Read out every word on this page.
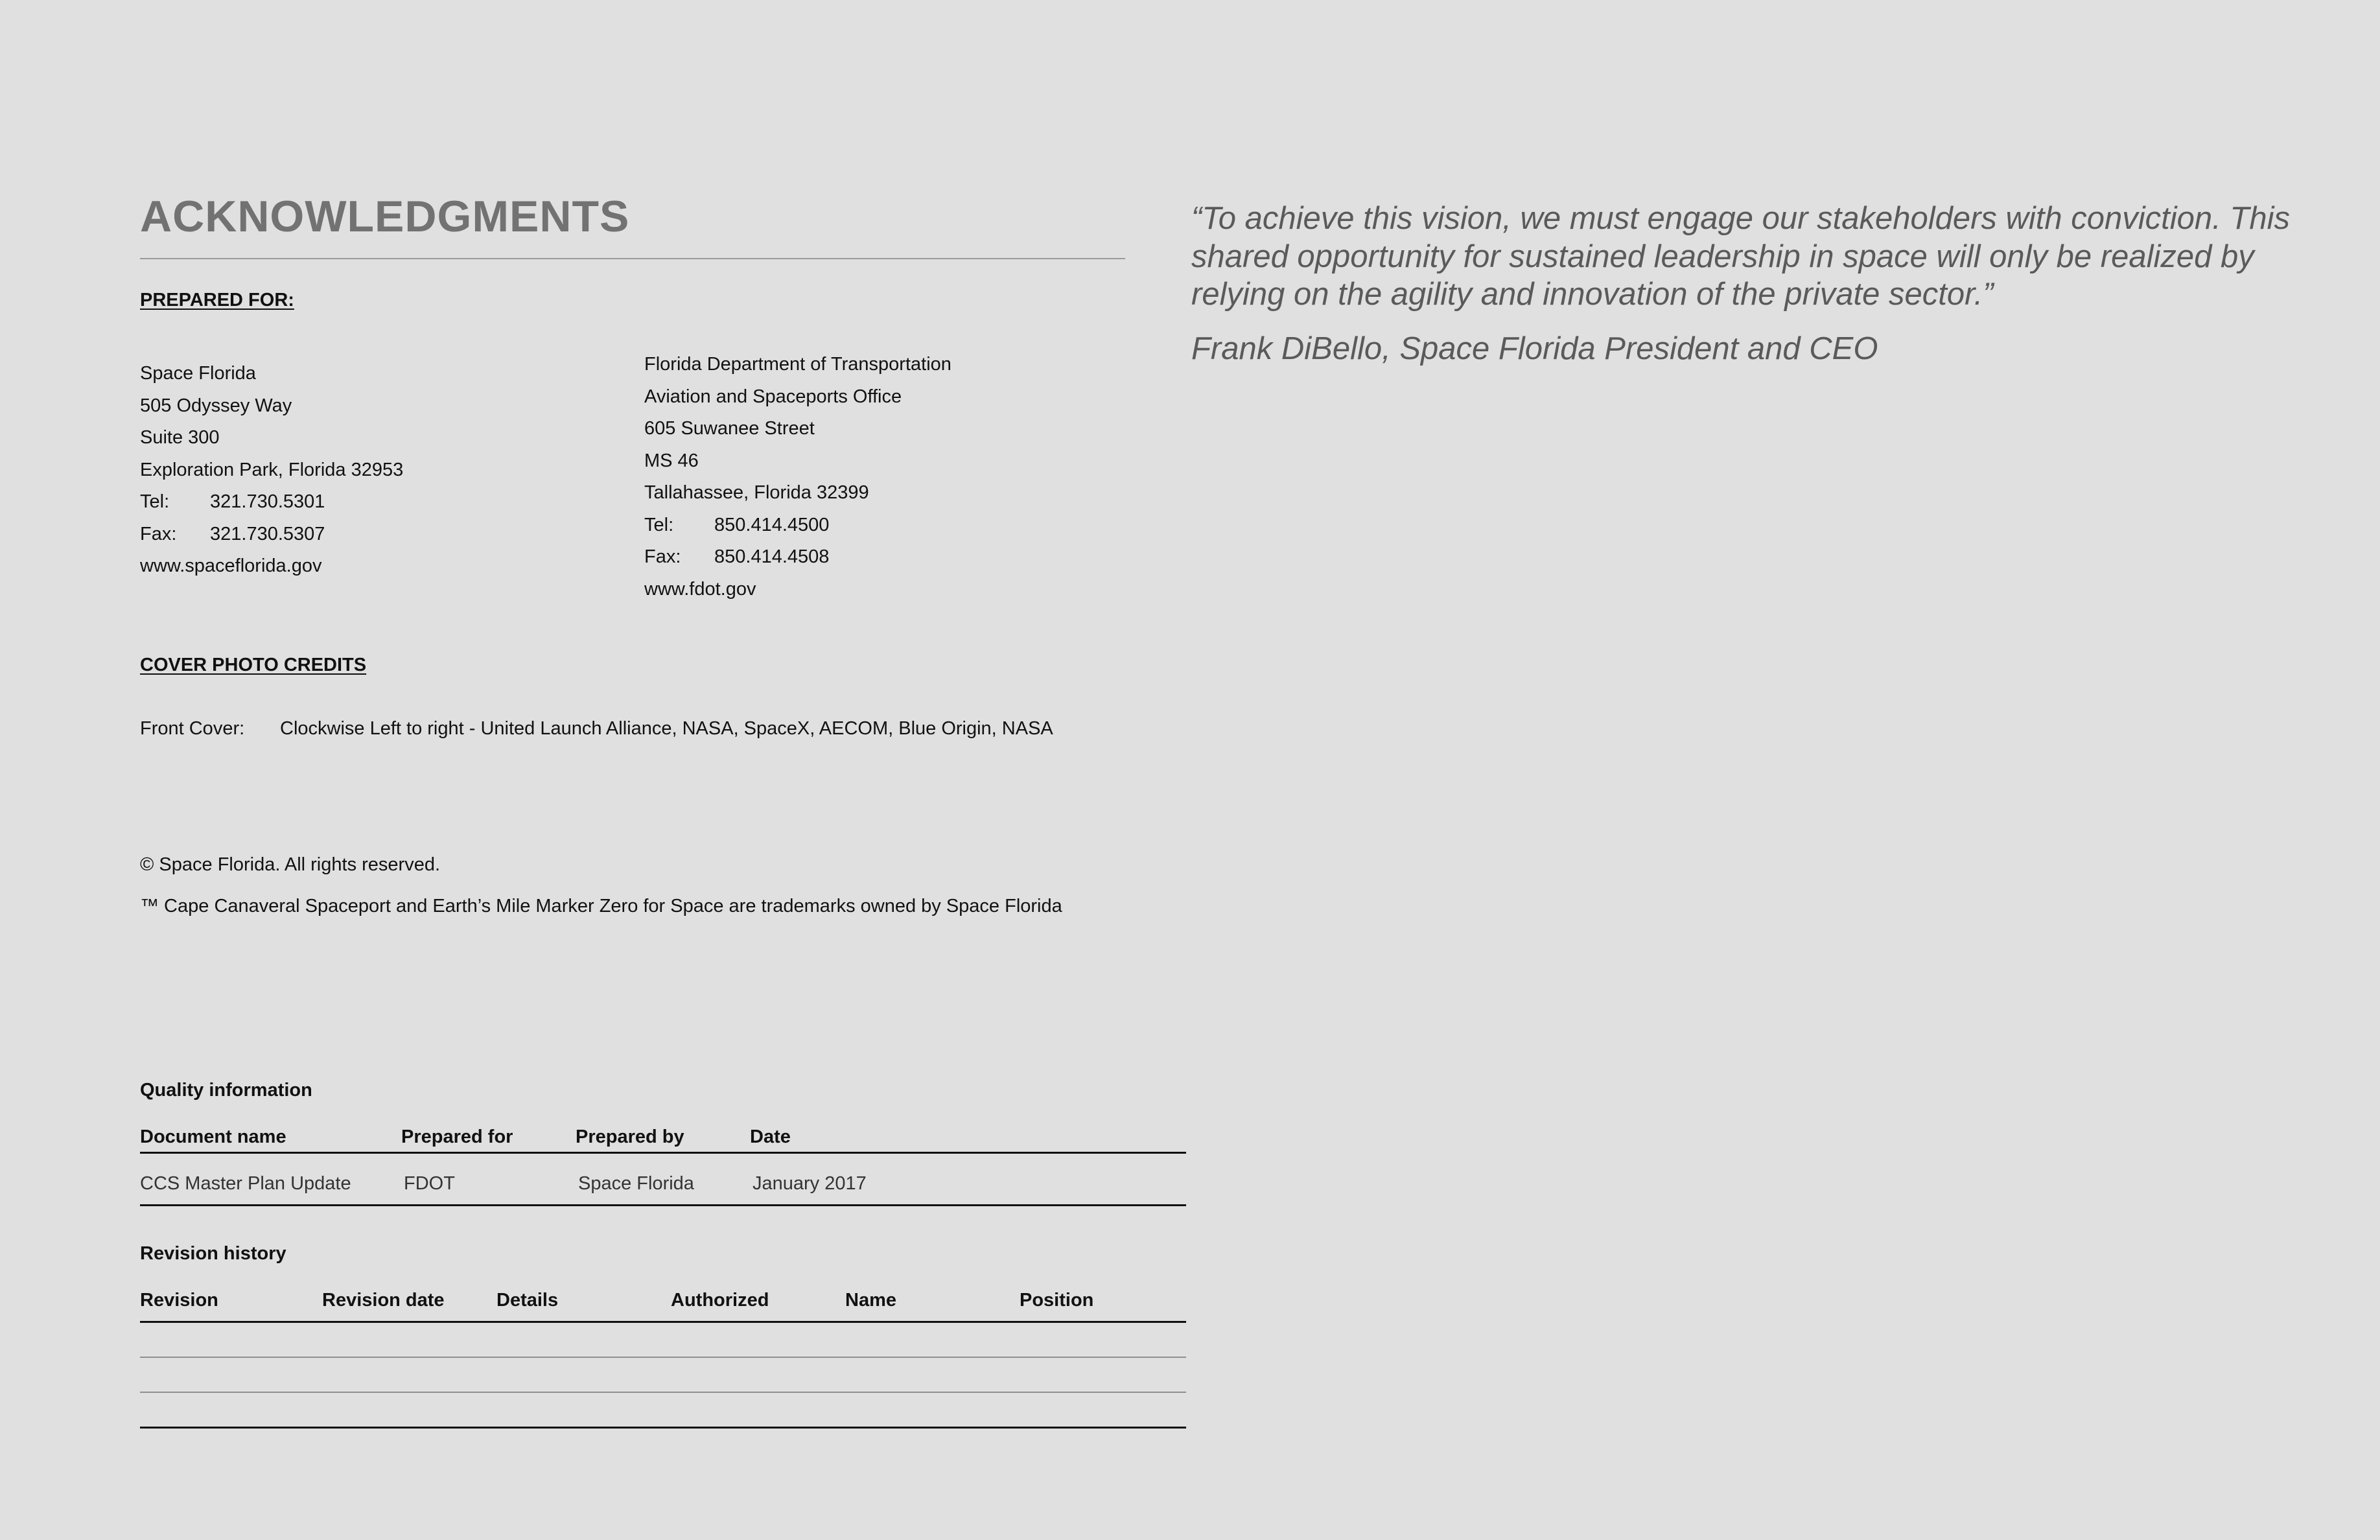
ACKNOWLEDGMENTS
PREPARED FOR:
Space Florida
505 Odyssey Way
Suite 300
Exploration Park, Florida 32953
Tel: 321.730.5301
Fax: 321.730.5307
www.spaceflorida.gov
Florida Department of Transportation
Aviation and Spaceports Office
605 Suwanee Street
MS 46
Tallahassee, Florida 32399
Tel: 850.414.4500
Fax: 850.414.4508
www.fdot.gov
COVER PHOTO CREDITS
Front Cover: Clockwise Left to right - United Launch Alliance, NASA, SpaceX, AECOM, Blue Origin, NASA
© Space Florida. All rights reserved.
™ Cape Canaveral Spaceport and Earth’s Mile Marker Zero for Space are trademarks owned by Space Florida
“To achieve this vision, we must engage our stakeholders with conviction. This shared opportunity for sustained leadership in space will only be realized by relying on the agility and innovation of the private sector.”
Frank DiBello, Space Florida President and CEO
Quality information
Document name	Prepared for	Prepared by	Date
CCS Master Plan Update	FDOT	Space Florida	January 2017
Revision history
Revision	Revision date	Details	Authorized	Name	Position
